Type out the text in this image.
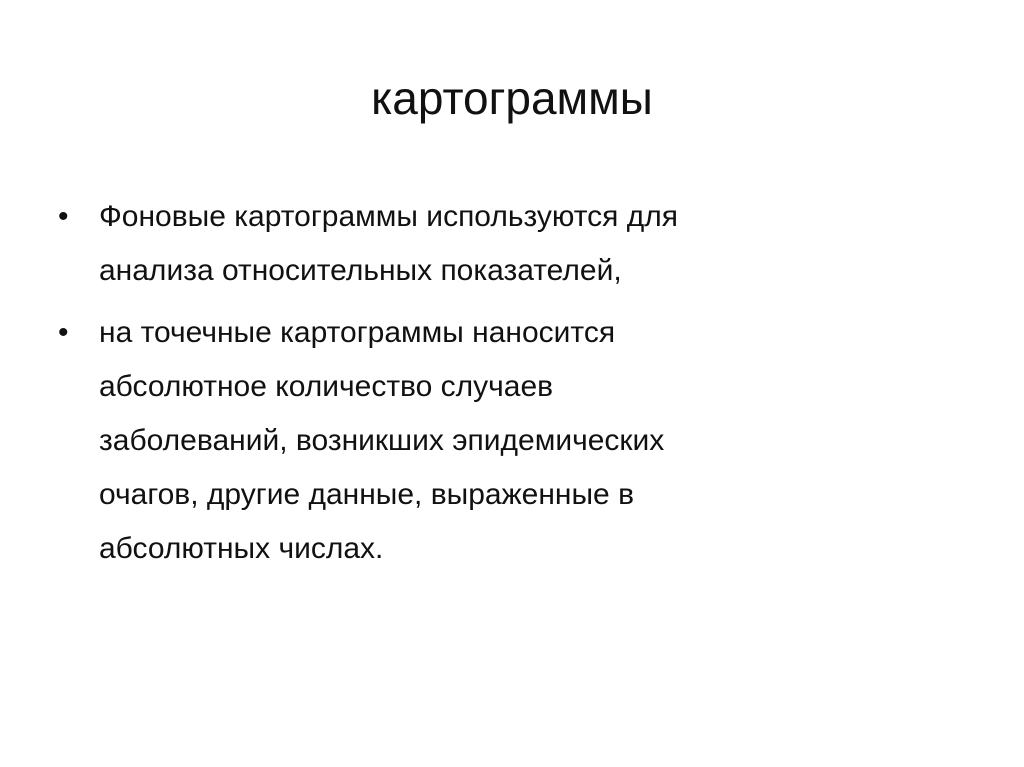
картограммы
•	Фоновые картограммы используются для
анализа относительных показателей,
•	на точечные картограммы наносится
абсолютное количество случаев
заболеваний, возникших эпидемических
очагов, другие данные, выраженные в
абсолютных числах.
